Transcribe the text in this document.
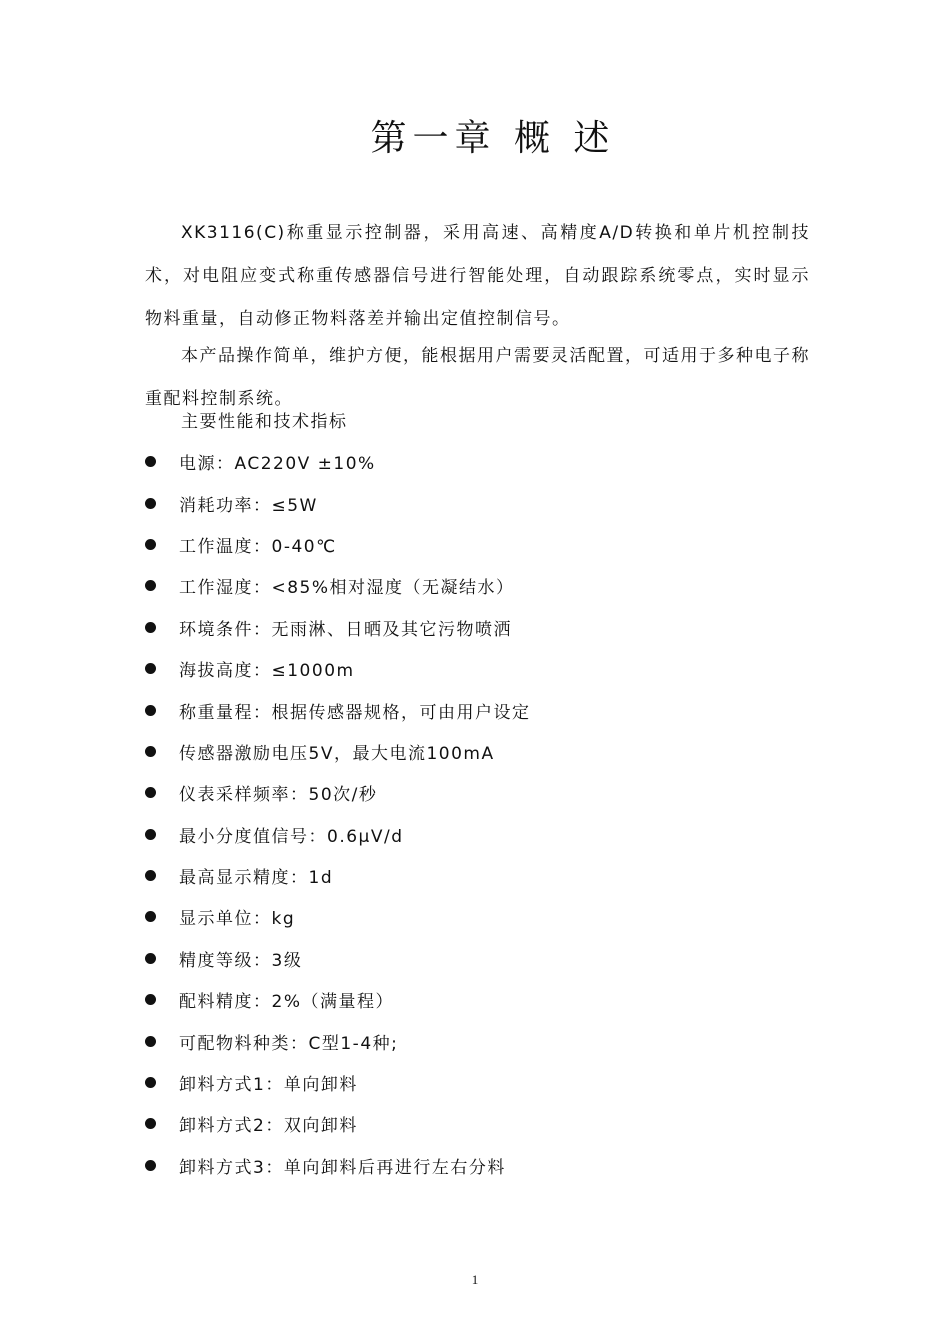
第一章 概 述

XK3116(C)称重显示控制器，采用高速、高精度A/D转换和单片机控制技术，对电阻应变式称重传感器信号进行智能处理，自动跟踪系统零点，实时显示物料重量，自动修正物料落差并输出定值控制信号。

本产品操作简单，维护方便，能根据用户需要灵活配置，可适用于多种电子称重配料控制系统。

主要性能和技术指标
电源：AC220V ±10%
消耗功率：≤5W
工作温度：0-40℃
工作湿度：<85%相对湿度（无凝结水）
环境条件：无雨淋、日晒及其它污物喷洒
海拔高度：≤1000m
称重量程：根据传感器规格，可由用户设定
传感器激励电压5V，最大电流100mA
仪表采样频率：50次/秒
最小分度值信号：0.6μV/d
最高显示精度：1d
显示单位：kg
精度等级：3级
配料精度：2%（满量程）
可配物料种类：C型1-4种;
卸料方式1：单向卸料
卸料方式2：双向卸料
卸料方式3：单向卸料后再进行左右分料
1
